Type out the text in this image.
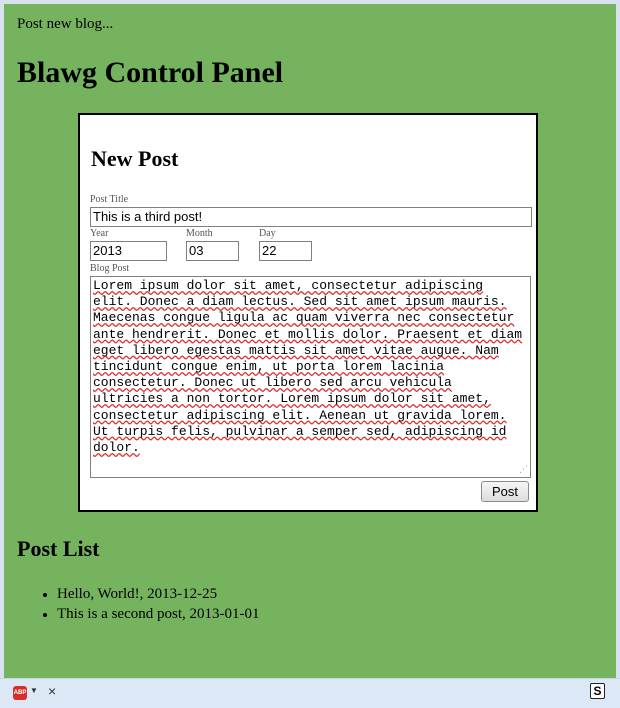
Post new blog...
Blawg Control Panel
New Post
Post Title
This is a third post!
Year
2013
Month
03
Day
22
Blog Post
Lorem ipsum dolor sit amet, consectetur adipiscing elit. Donec a diam lectus. Sed sit amet ipsum mauris. Maecenas congue ligula ac quam viverra nec consectetur ante hendrerit. Donec et mollis dolor. Praesent et diam eget libero egestas mattis sit amet vitae augue. Nam tincidunt congue enim, ut porta lorem lacinia consectetur. Donec ut libero sed arcu vehicula ultricies a non tortor. Lorem ipsum dolor sit amet, consectetur adipiscing elit. Aenean ut gravida lorem. Ut turpis felis, pulvinar a semper sed, adipiscing id dolor.
⋰
Post
Post List
• Hello, World!, 2013-12-25
• This is a second post, 2013-01-01
ABP ▼ ×	S
